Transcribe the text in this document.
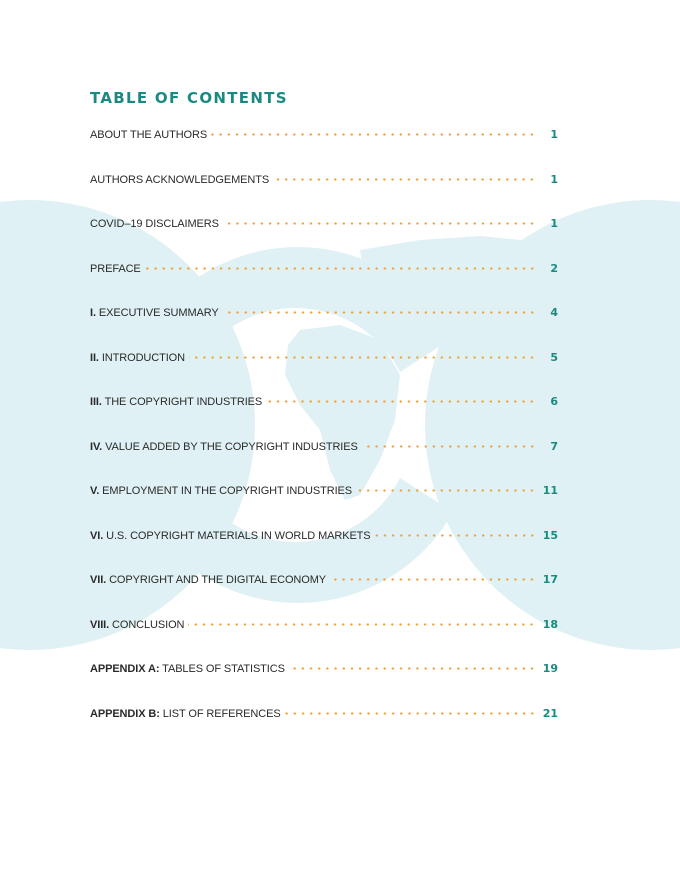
TABLE OF CONTENTS
ABOUT THE AUTHORS	1
AUTHORS ACKNOWLEDGEMENTS	1
COVID–19 DISCLAIMERS	1
PREFACE	2
I. EXECUTIVE SUMMARY	4
II. INTRODUCTION	5
III. THE COPYRIGHT INDUSTRIES	6
IV. VALUE ADDED BY THE COPYRIGHT INDUSTRIES	7
V. EMPLOYMENT IN THE COPYRIGHT INDUSTRIES	11
VI. U.S. COPYRIGHT MATERIALS IN WORLD MARKETS	15
VII. COPYRIGHT AND THE DIGITAL ECONOMY	17
VIII. CONCLUSION	18
APPENDIX A: TABLES OF STATISTICS	19
APPENDIX B: LIST OF REFERENCES	21
